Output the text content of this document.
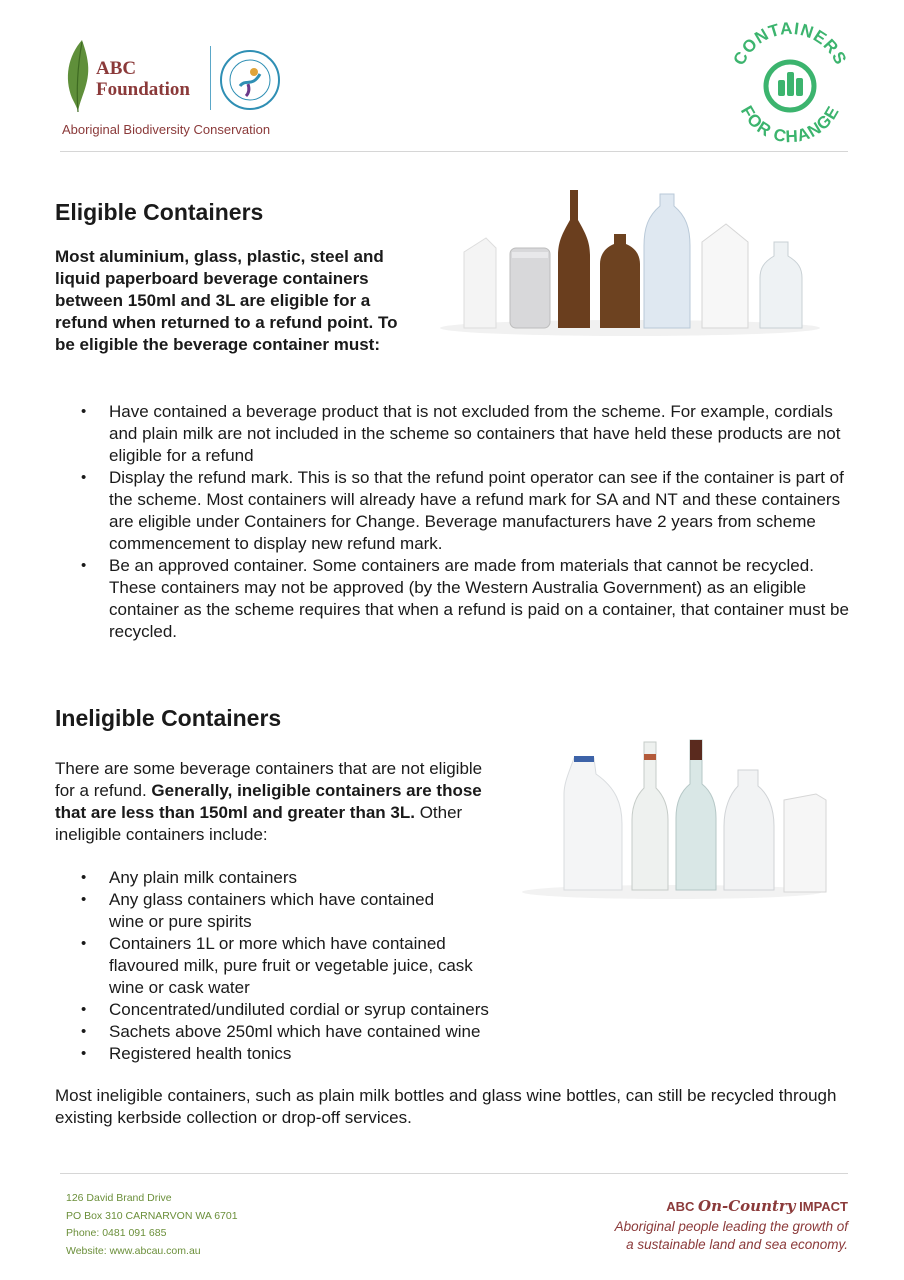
ABC
Foundation
Aboriginal Biodiversity Conservation
CONTAINERS
FOR CHANGE
Eligible Containers
Most aluminium, glass, plastic, steel and liquid paperboard beverage containers between 150ml and 3L are eligible for a refund when returned to a refund point. To be eligible the beverage container must:
• Have contained a beverage product that is not excluded from the scheme. For example, cordials and plain milk are not included in the scheme so containers that have held these products are not eligible for a refund
• Display the refund mark. This is so that the refund point operator can see if the container is part of the scheme. Most containers will already have a refund mark for SA and NT and these containers are eligible under Containers for Change. Beverage manufacturers have 2 years from scheme commencement to display new refund mark.
• Be an approved container. Some containers are made from materials that cannot be recycled. These containers may not be approved (by the Western Australia Government) as an eligible container as the scheme requires that when a refund is paid on a container, that container must be recycled.
Ineligible Containers
There are some beverage containers that are not eligible for a refund. Generally, ineligible containers are those that are less than 150ml and greater than 3L. Other ineligible containers include:
• Any plain milk containers
• Any glass containers which have contained wine or pure spirits
• Containers 1L or more which have contained flavoured milk, pure fruit or vegetable juice, cask wine or cask water
• Concentrated/undiluted cordial or syrup containers
• Sachets above 250ml which have contained wine
• Registered health tonics
Most ineligible containers, such as plain milk bottles and glass wine bottles, can still be recycled through existing kerbside collection or drop-off services.
126 David Brand Drive
PO Box 310 CARNARVON WA 6701
Phone: 0481 091 685
Website: www.abcau.com.au
ABC On-Country IMPACT
Aboriginal people leading the growth of
a sustainable land and sea economy.
